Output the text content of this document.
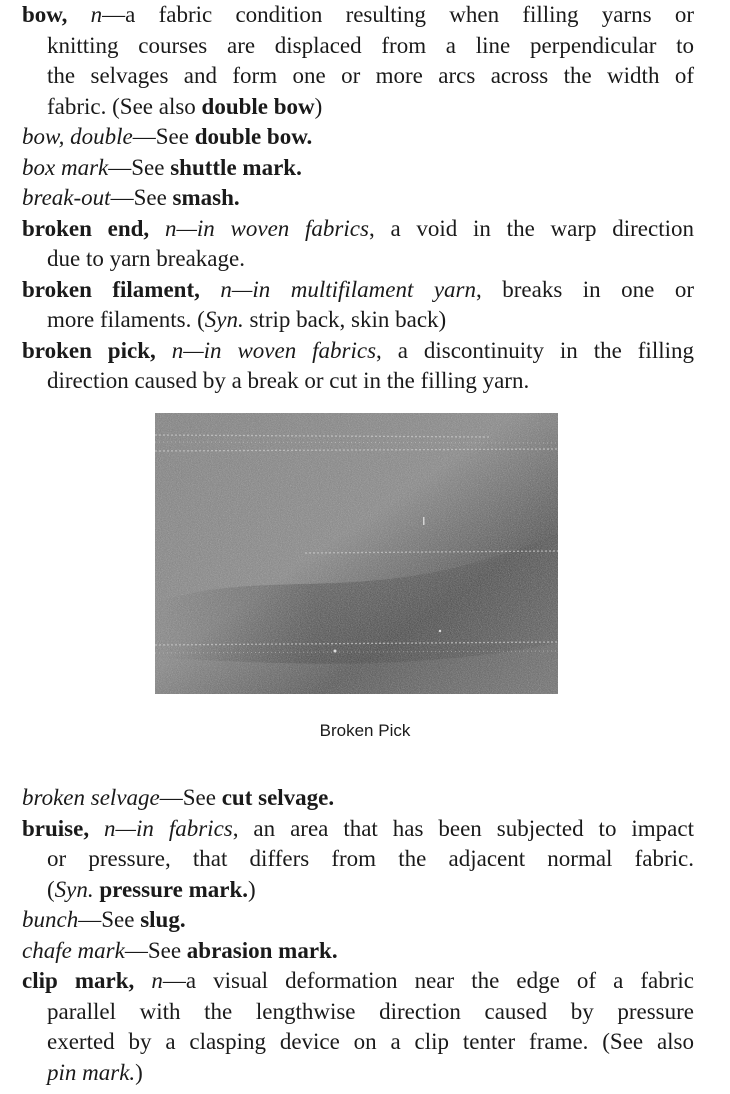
bow, n—a fabric condition resulting when filling yarns or
knitting courses are displaced from a line perpendicular to
the selvages and form one or more arcs across the width of
fabric. (See also double bow)
bow, double—See double bow.
box mark—See shuttle mark.
break-out—See smash.
broken end, n—in woven fabrics, a void in the warp direction
due to yarn breakage.
broken filament, n—in multifilament yarn, breaks in one or
more filaments. (Syn. strip back, skin back)
broken pick, n—in woven fabrics, a discontinuity in the filling
direction caused by a break or cut in the filling yarn.
Broken Pick
broken selvage—See cut selvage.
bruise, n—in fabrics, an area that has been subjected to impact
or pressure, that differs from the adjacent normal fabric.
(Syn. pressure mark.)
bunch—See slug.
chafe mark—See abrasion mark.
clip mark, n—a visual deformation near the edge of a fabric
parallel with the lengthwise direction caused by pressure
exerted by a clasping device on a clip tenter frame. (See also
pin mark.)
